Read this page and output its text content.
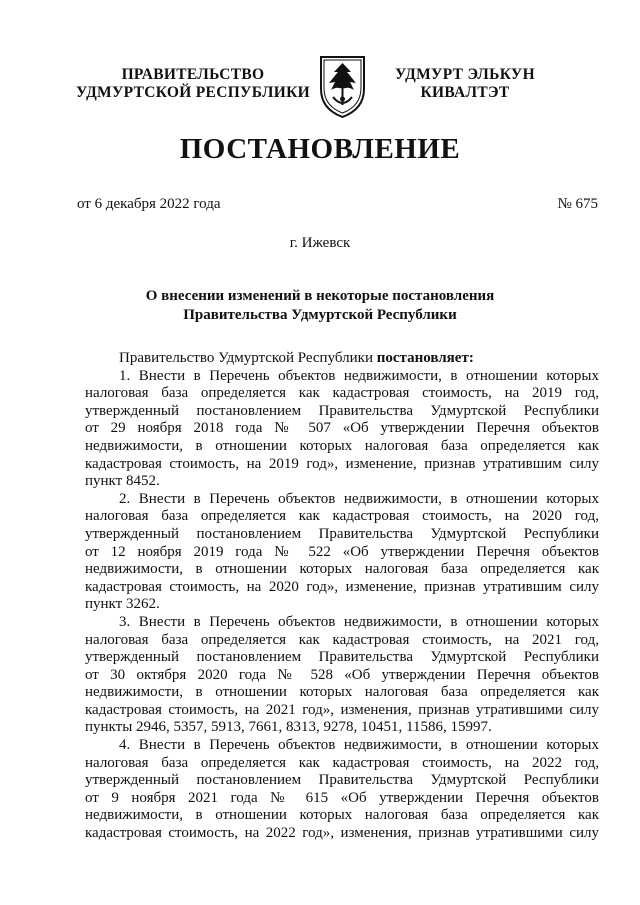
ПРАВИТЕЛЬСТВО
УДМУРТСКОЙ РЕСПУБЛИКИ
УДМУРТ ЭЛЬКУН
КИВАЛТЭТ
ПОСТАНОВЛЕНИЕ
от 6 декабря 2022 года	№ 675
г. Ижевск
О внесении изменений в некоторые постановления
Правительства Удмуртской Республики
Правительство Удмуртской Республики постановляет:
1. Внести в Перечень объектов недвижимости, в отношении которых
налоговая база определяется как кадастровая стоимость, на 2019 год,
утвержденный постановлением Правительства Удмуртской Республики
от 29 ноября 2018 года № 507 «Об утверждении Перечня объектов
недвижимости, в отношении которых налоговая база определяется как
кадастровая стоимость, на 2019 год», изменение, признав утратившим силу
пункт 8452.
2. Внести в Перечень объектов недвижимости, в отношении которых
налоговая база определяется как кадастровая стоимость, на 2020 год,
утвержденный постановлением Правительства Удмуртской Республики
от 12 ноября 2019 года № 522 «Об утверждении Перечня объектов
недвижимости, в отношении которых налоговая база определяется как
кадастровая стоимость, на 2020 год», изменение, признав утратившим силу
пункт 3262.
3. Внести в Перечень объектов недвижимости, в отношении которых
налоговая база определяется как кадастровая стоимость, на 2021 год,
утвержденный постановлением Правительства Удмуртской Республики
от 30 октября 2020 года № 528 «Об утверждении Перечня объектов
недвижимости, в отношении которых налоговая база определяется как
кадастровая стоимость, на 2021 год», изменения, признав утратившими силу
пункты 2946, 5357, 5913, 7661, 8313, 9278, 10451, 11586, 15997.
4. Внести в Перечень объектов недвижимости, в отношении которых
налоговая база определяется как кадастровая стоимость, на 2022 год,
утвержденный постановлением Правительства Удмуртской Республики
от 9 ноября 2021 года № 615 «Об утверждении Перечня объектов
недвижимости, в отношении которых налоговая база определяется как
кадастровая стоимость, на 2022 год», изменения, признав утратившими силу
